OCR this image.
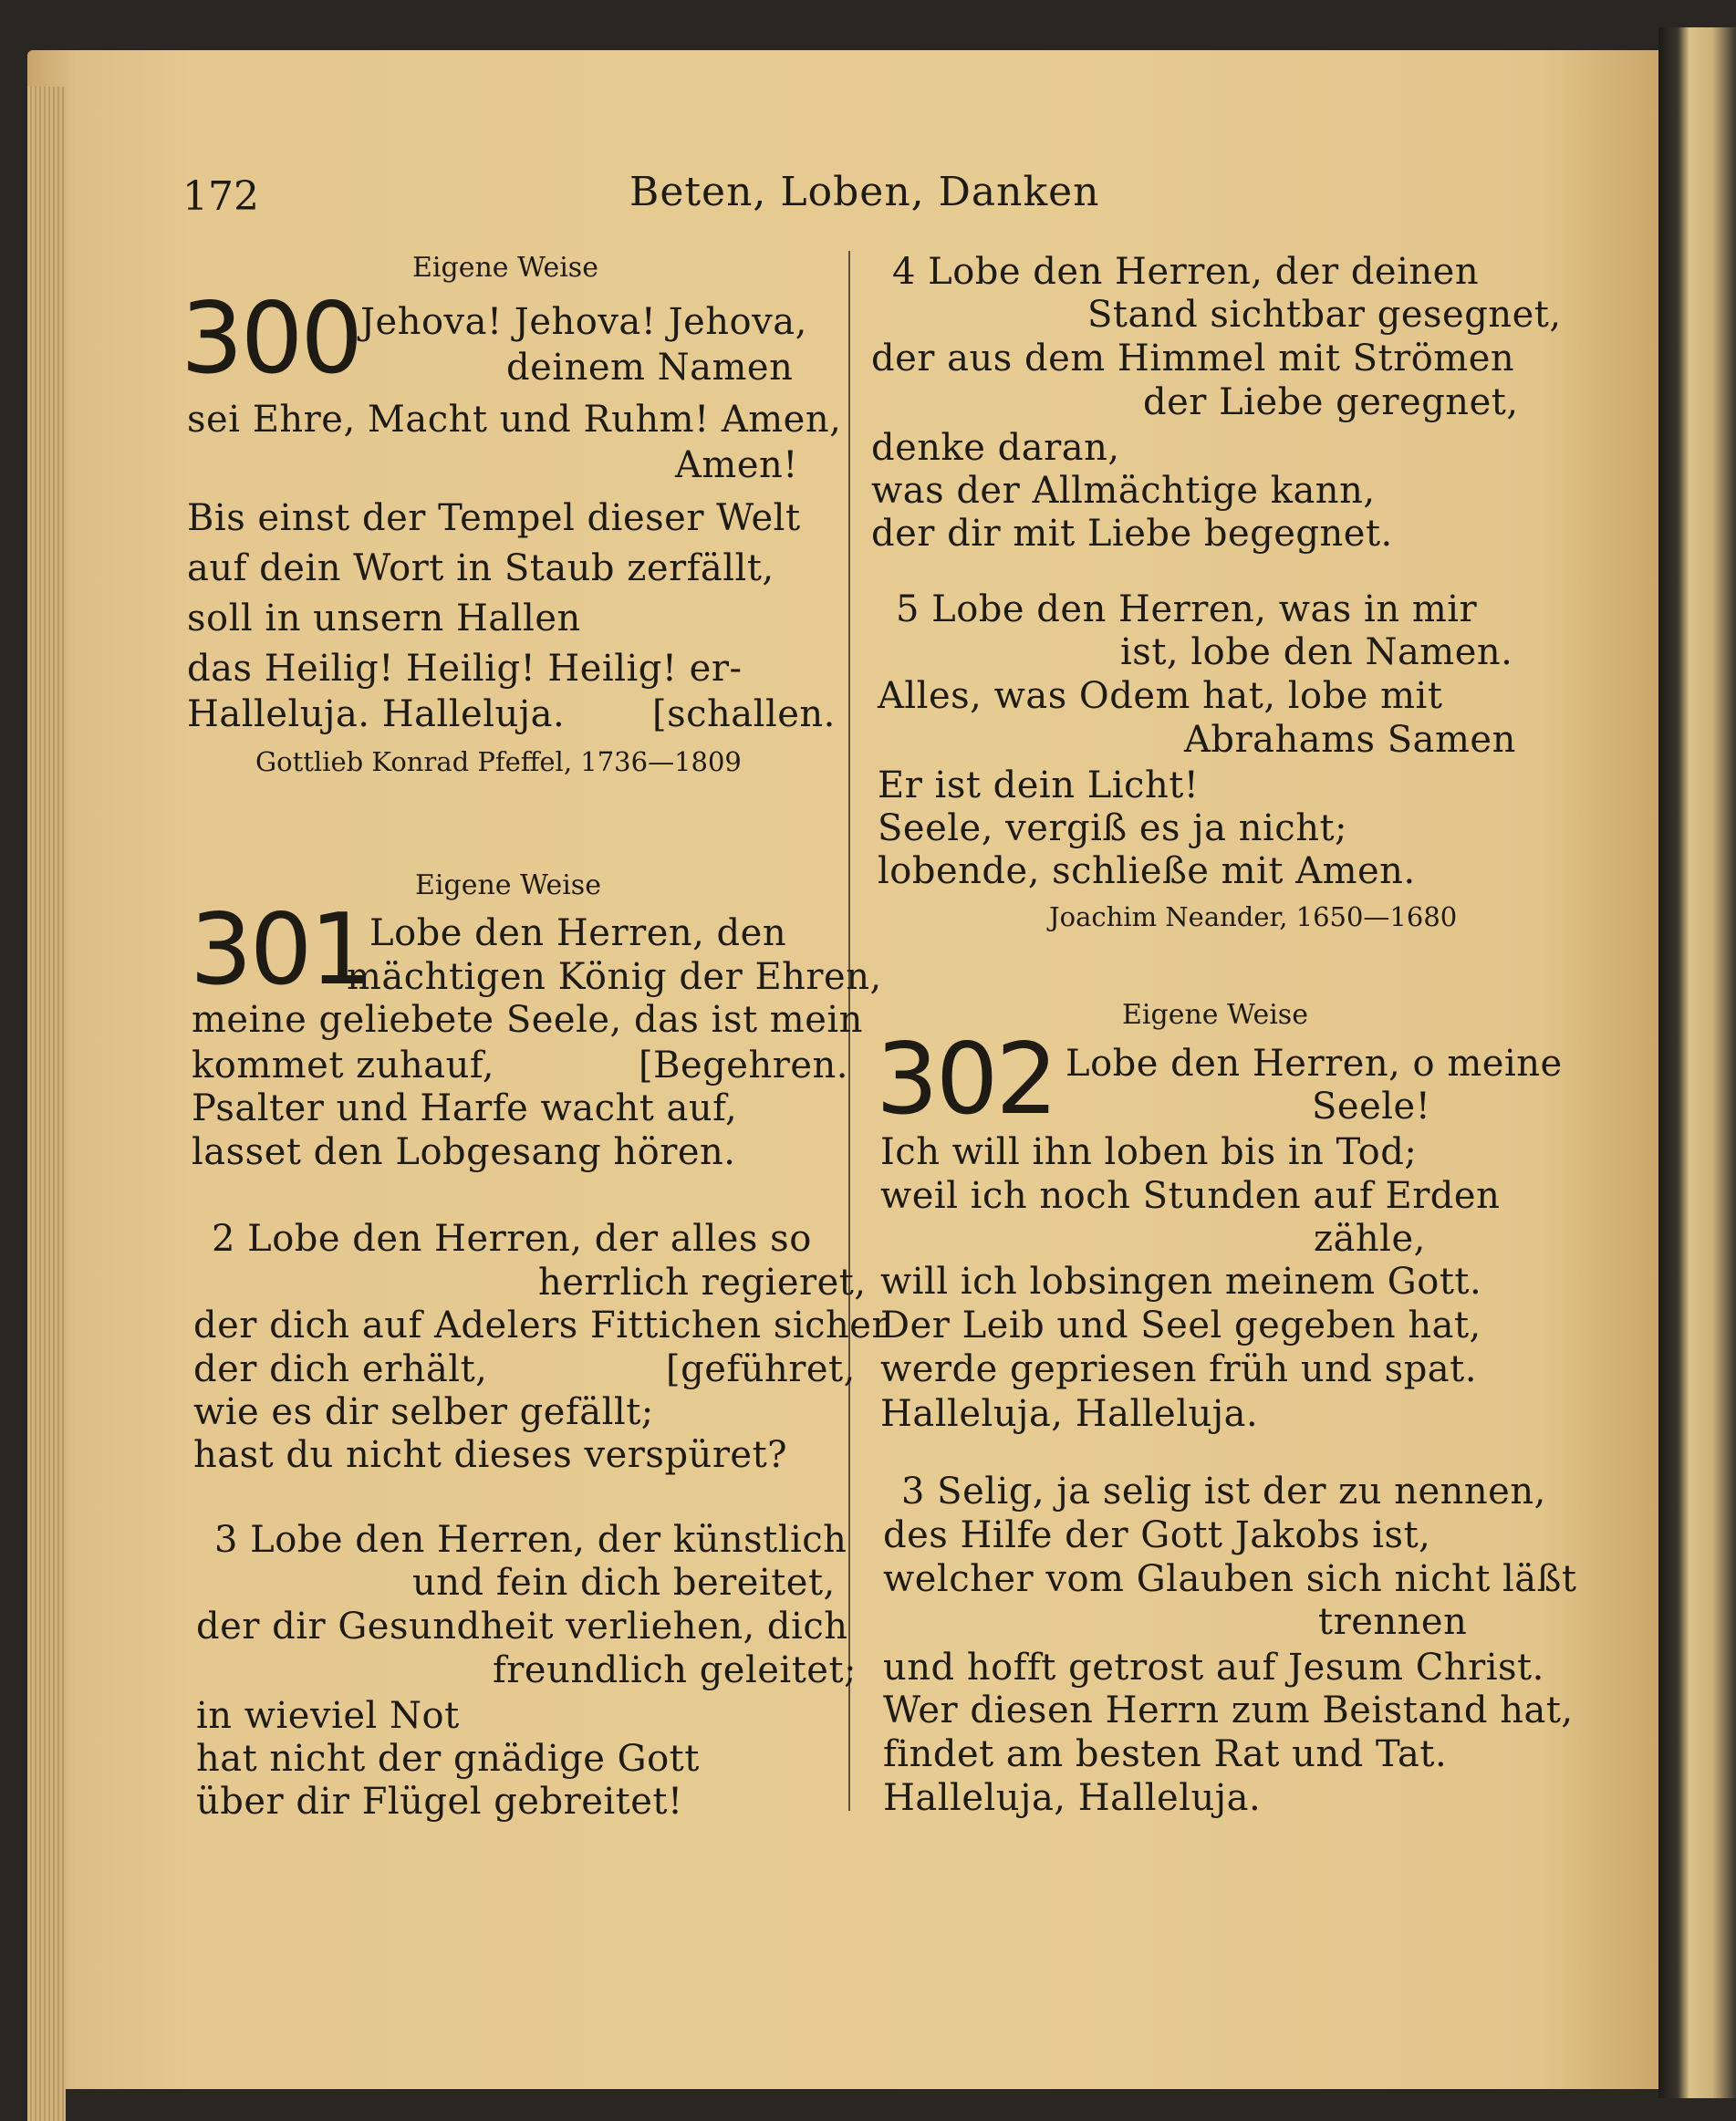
172	Beten, Loben, Danken
Eigene Weise
300 Jehova! Jehova! Jehova,
deinem Namen
sei Ehre, Macht und Ruhm! Amen,
Amen!
Bis einst der Tempel dieser Welt
auf dein Wort in Staub zerfällt,
soll in unsern Hallen
das Heilig! Heilig! Heilig! er-
Halleluja. Halleluja. [schallen.
Gottlieb Konrad Pfeffel, 1736—1809
Eigene Weise
301 Lobe den Herren, den
mächtigen König der Ehren,
meine geliebete Seele, das ist mein
kommet zuhauf,	[Begehren.
Psalter und Harfe wacht auf,
lasset den Lobgesang hören.
2 Lobe den Herren, der alles so
herrlich regieret,
der dich auf Adelers Fittichen sicher
der dich erhält,	[geführet,
wie es dir selber gefällt;
hast du nicht dieses verspüret?
3 Lobe den Herren, der künstlich
und fein dich bereitet,
der dir Gesundheit verliehen, dich
freundlich geleitet;
in wieviel Not
hat nicht der gnädige Gott
über dir Flügel gebreitet!
4 Lobe den Herren, der deinen
Stand sichtbar gesegnet,
der aus dem Himmel mit Strömen
der Liebe geregnet,
denke daran,
was der Allmächtige kann,
der dir mit Liebe begegnet.
5 Lobe den Herren, was in mir
ist, lobe den Namen.
Alles, was Odem hat, lobe mit
Abrahams Samen
Er ist dein Licht!
Seele, vergiß es ja nicht;
lobende, schließe mit Amen.
Joachim Neander, 1650—1680
Eigene Weise
302 Lobe den Herren, o meine
Seele!
Ich will ihn loben bis in Tod;
weil ich noch Stunden auf Erden
zähle,
will ich lobsingen meinem Gott.
Der Leib und Seel gegeben hat,
werde gepriesen früh und spat.
Halleluja, Halleluja.
3 Selig, ja selig ist der zu nennen,
des Hilfe der Gott Jakobs ist,
welcher vom Glauben sich nicht läßt
trennen
und hofft getrost auf Jesum Christ.
Wer diesen Herrn zum Beistand hat,
findet am besten Rat und Tat.
Halleluja, Halleluja.
